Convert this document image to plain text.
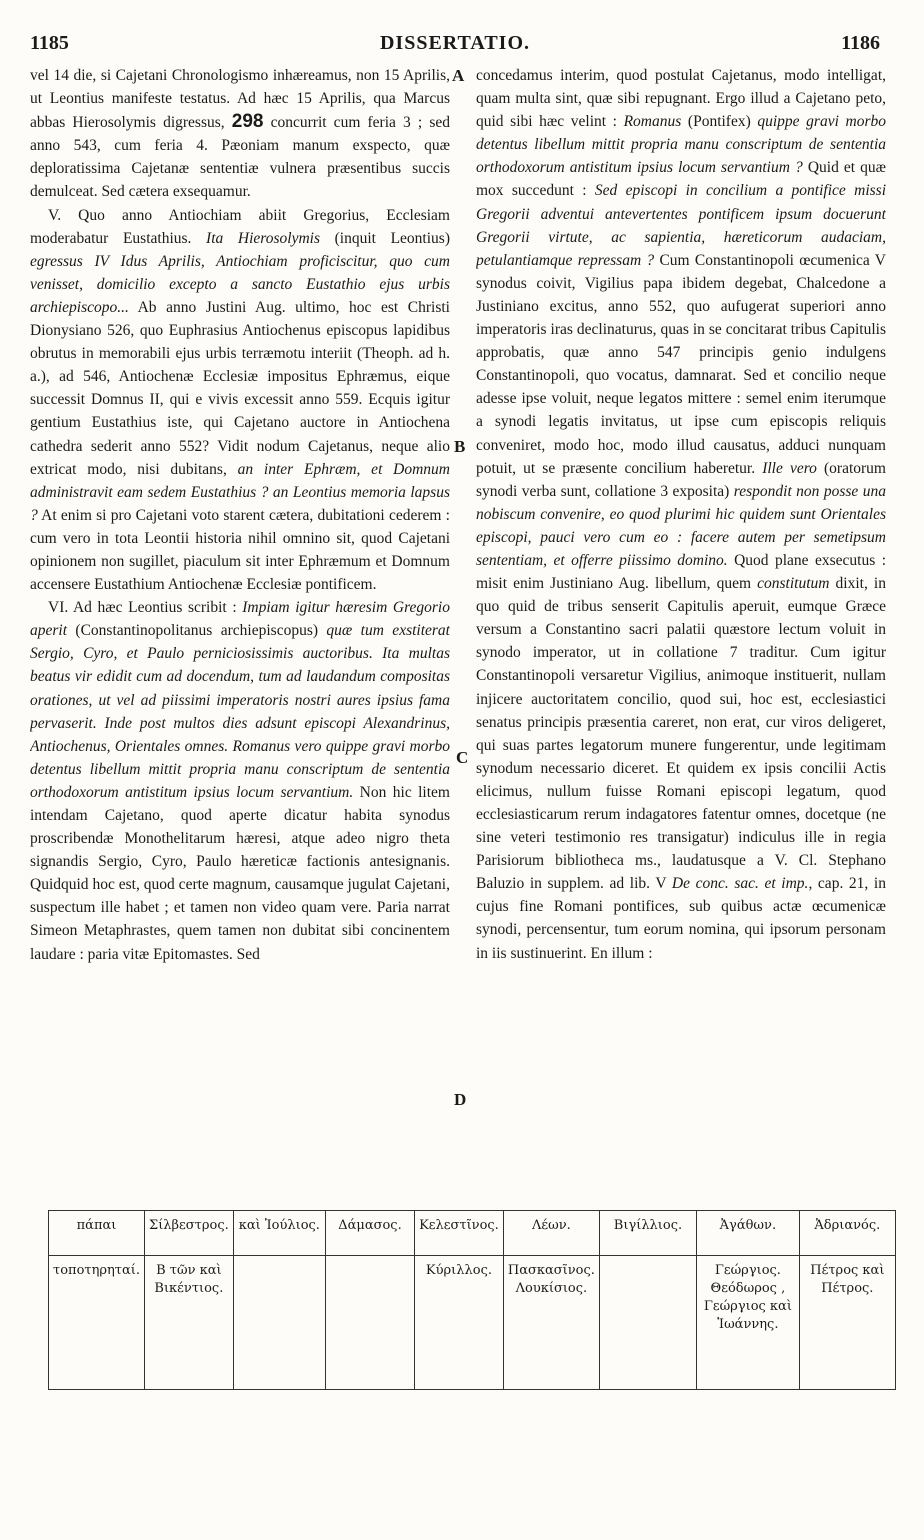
1185	DISSERTATIO.	1186

vel 14 die, si Cajetani Chronologismo inhæreamus, non 15 Aprilis, ut Leontius manifeste testatus. Ad hæc 15 Aprilis, qua Marcus abbas Hierosolymis digressus, 298 concurrit cum feria 3 ; sed anno 543, cum feria 4. Pæoniam manum exspecto, quæ deploratissima Cajetanæ sententiæ vulnera præsentibus succis demulceat. Sed cætera exsequamur.

V. Quo anno Antiochiam abiit Gregorius, Ecclesiam moderabatur Eustathius. Ita Hierosolymis (inquit Leontius) egressus IV Idus Aprilis, Antiochiam proficiscitur, quo cum venisset, domicilio excepto a sancto Eustathio ejus urbis archiepiscopo... Ab anno Justini Aug. ultimo, hoc est Christi Dionysiano 526, quo Euphrasius Antiochenus episcopus lapidibus obrutus in memorabili ejus urbis terræmotu interiit (Theoph. ad h. a.), ad 546, Antiochenæ Ecclesiæ impositus Ephræmus, eique successit Domnus II, qui e vivis excessit anno 559. Ecquis igitur gentium Eustathius iste, qui Cajetano auctore in Antiochena cathedra sederit anno 552? Vidit nodum Cajetanus, neque alio extricat modo, nisi dubitans, an inter Ephræm, et Domnum administravit eam sedem Eustathius ? an Leontius memoria lapsus ? At enim si pro Cajetani voto starent cætera, dubitationi cederem : cum vero in tota Leontii historia nihil omnino sit, quod Cajetani opinionem non sugillet, piaculum sit inter Ephræmum et Domnum accensere Eustathium Antiochenæ Ecclesiæ pontificem.

VI. Ad hæc Leontius scribit : Impiam igitur hæresim Gregorio aperit (Constantinopolitanus archiepiscopus) quæ tum exstiterat Sergio, Cyro, et Paulo perniciosissimis auctoribus. Ita multas beatus vir edidit cum ad docendum, tum ad laudandum compositas orationes, ut vel ad piissimi imperatoris nostri aures ipsius fama pervaserit. Inde post multos dies adsunt episcopi Alexandrinus, Antiochenus, Orientales omnes. Romanus vero quippe gravi morbo detentus libellum mittit propria manu conscriptum de sententia orthodoxorum antistitum ipsius locum servantium. Non hic litem intendam Cajetano, quod aperte dicatur habita synodus proscribendæ Monothelitarum hæresi, atque adeo nigro theta signandis Sergio, Cyro, Paulo hæreticæ factionis antesignanis. Quidquid hoc est, quod certe magnum, causamque jugulat Cajetani, suspectum ille habet ; et tamen non video quam vere. Paria narrat Simeon Metaphrastes, quem tamen non dubitat sibi concinentem laudare : paria vitæ Epitomastes. Sed

concedamus interim, quod postulat Cajetanus, modo intelligat, quam multa sint, quæ sibi repugnant. Ergo illud a Cajetano peto, quid sibi hæc velint : Romanus (Pontifex) quippe gravi morbo detentus libellum mittit propria manu conscriptum de sententia orthodoxorum antistitum ipsius locum servantium ? Quid et quæ mox succedunt : Sed episcopi in concilium a pontifice missi Gregorii adventui antevertentes pontificem ipsum docuerunt Gregorii virtute, ac sapientia, hæreticorum audaciam, petulantiamque repressam ? Cum Constantinopoli œcumenica V synodus coivit, Vigilius papa ibidem degebat, Chalcedone a Justiniano excitus, anno 552, quo aufugerat superiori anno imperatoris iras declinaturus, quas in se concitarat tribus Capitulis approbatis, quæ anno 547 principis genio indulgens Constantinopoli, quo vocatus, damnarat. Sed et concilio neque adesse ipse voluit, neque legatos mittere : semel enim iterumque a synodi legatis invitatus, ut ipse cum episcopis reliquis conveniret, modo hoc, modo illud causatus, adduci nunquam potuit, ut se præsente concilium haberetur. Ille vero (oratorum synodi verba sunt, collatione 3 exposita) respondit non posse una nobiscum convenire, eo quod plurimi hic quidem sunt Orientales episcopi, pauci vero cum eo : facere autem per semetipsum sententiam, et offerre piissimo domino. Quod plane exsecutus : misit enim Justiniano Aug. libellum, quem constitutum dixit, in quo quid de tribus senserit Capitulis aperuit, eumque Græce versum a Constantino sacri palatii quæstore lectum voluit in synodo imperator, ut in collatione 7 traditur. Cum igitur Constantinopoli versaretur Vigilius, animoque instituerit, nullam injicere auctoritatem concilio, quod sui, hoc est, ecclesiastici senatus principis præsentia careret, non erat, cur viros deligeret, qui suas partes legatorum munere fungerentur, unde legitimam synodum necessario diceret. Et quidem ex ipsis concilii Actis elicimus, nullum fuisse Romani episcopi legatum, quod ecclesiasticarum rerum indagatores fatentur omnes, docetque (ne sine veteri testimonio res transigatur) indiculus ille in regia Parisiorum bibliotheca ms., laudatusque a V. Cl. Stephano Baluzio in supplem. ad lib. V De conc. sac. et imp., cap. 21, in cujus fine Romani pontifices, sub quibus actæ œcumenicæ synodi, percensentur, tum eorum nomina, qui ipsorum personam in iis sustinuerint. En illum :

A
B
C
D
πάπαι	Σίλβεστρος.	καὶ Ἰούλιος.	Δάμασος.	Κελεστῖνος.	Λέων.	Βιγίλλιος.	Ἀγάθων.	Ἀδριανός.
τοποτηρηταί.	Β τῶν καὶ Βικέντιος.			Κύριλλος.	Πασκασῖνος. Λουκίσιος.		Γεώργιος. Θεόδωρος , Γεώργιος καὶ Ἰωάννης.	Πέτρος καὶ Πέτρος.
